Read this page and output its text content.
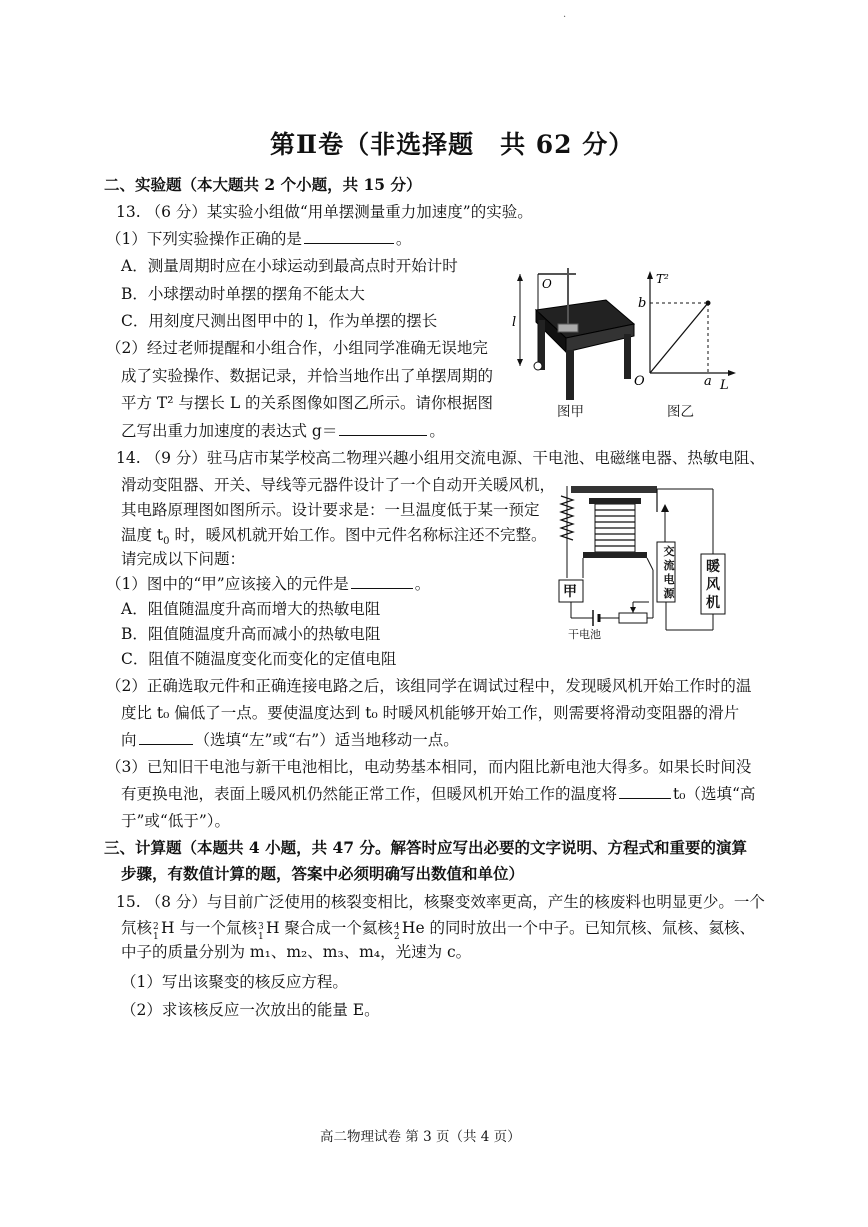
·
第Ⅱ卷（非选择题　共 62 分）
二、实验题（本大题共 2 个小题，共 15 分）
13. （6 分）某实验小组做“用单摆测量重力加速度”的实验。
（1）下列实验操作正确的是	。
A．测量周期时应在小球运动到最高点时开始计时
B．小球摆动时单摆的摆角不能太大
C．用刻度尺测出图甲中的 l，作为单摆的摆长
（2）经过老师提醒和小组合作，小组同学准确无误地完
成了实验操作、数据记录，并恰当地作出了单摆周期的
平方 T² 与摆长 L 的关系图像如图乙所示。请你根据图
乙写出重力加速度的表达式 g＝	。
l
O
图甲
T²
b
O	a L
图乙
14. （9 分）驻马店市某学校高二物理兴趣小组用交流电源、干电池、电磁继电器、热敏电阻、
滑动变阻器、开关、导线等元器件设计了一个自动开关暖风机，
其电路原理图如图所示。设计要求是：一旦温度低于某一预定
温度 $t_0$ 时，暖风机就开始工作。图中元件名称标注还不完整。
请完成以下问题：
（1）图中的“甲”应该接入的元件是	。
A．阻值随温度升高而增大的热敏电阻
B．阻值随温度升高而减小的热敏电阻
C．阻值不随温度变化而变化的定值电阻
甲
干电池
交
流
电
源
暖
风
机
（2）正确选取元件和正确连接电路之后，该组同学在调试过程中，发现暖风机开始工作时的温
度比 t₀ 偏低了一点。要使温度达到 t₀ 时暖风机能够开始工作，则需要将滑动变阻器的滑片
向	（选填“左”或“右”）适当地移动一点。
（3）已知旧干电池与新干电池相比，电动势基本相同，而内阻比新电池大得多。如果长时间没
有更换电池，表面上暖风机仍然能正常工作，但暖风机开始工作的温度将	t₀（选填“高
于”或“低于”）。
三、计算题（本题共 4 小题，共 47 分。解答时应写出必要的文字说明、方程式和重要的演算
步骤，有数值计算的题，答案中必须明确写出数值和单位）
15. （8 分）与目前广泛使用的核裂变相比，核聚变效率更高，产生的核废料也明显更少。一个
氘核 2
1 H 与一个氚核 3
1 H 聚合成一个氦核 4
2 He 的同时放出一个中子。已知氘核、氚核、氦核、
中子的质量分别为 m₁、m₂、m₃、m₄，光速为 c。
（1）写出该聚变的核反应方程。
（2）求该核反应一次放出的能量 E。
高二物理试卷 第 3 页（共 4 页）
